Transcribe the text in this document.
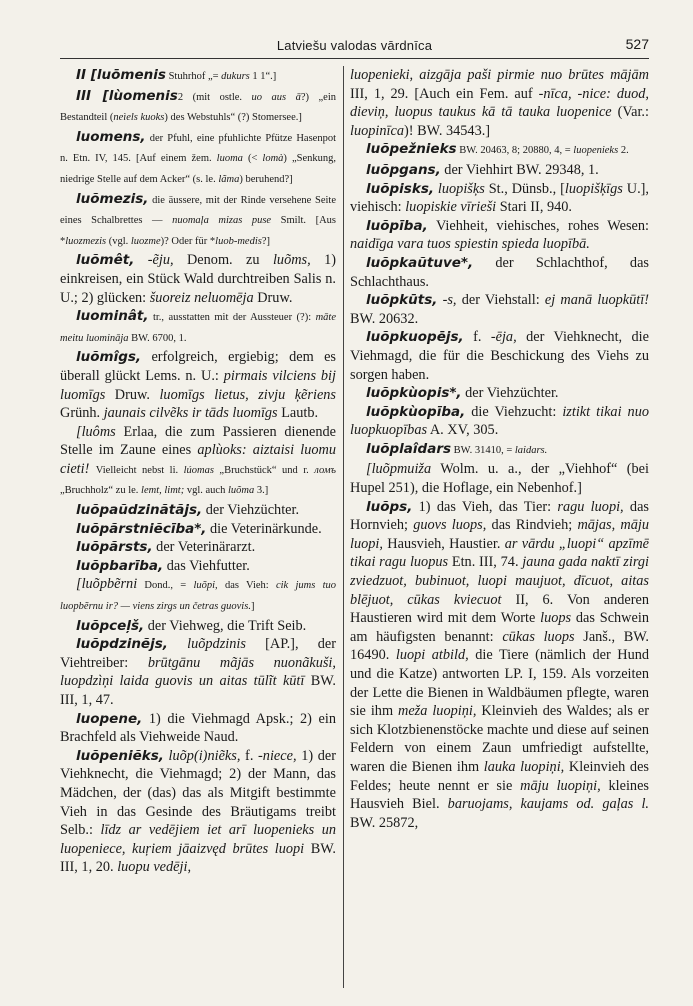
Latviešu valodas vārdnīca	527

II [luōmenis Stuhrhof „= dukurs 1 1“.]

III [lùomenis2 (mit ostle. uo aus ā?) „ein Bestandteil (neìels kuoks) des Webstuhls“ (?) Stomersee.]

luomens, der Pfuhl, eine pfuhlichte Pfütze Hasenpot n. Etn. IV, 145. [Auf einem žem. luoma (< lomà) „Senkung, niedrige Stelle auf dem Acker“ (s. le. lãma) beruhend?]

luõmezis, die äussere, mit der Rinde versehene Seite eines Schalbrettes — nuomaļa mizas puse Smilt. [Aus *luozmezis (vgl. luozme)? Oder für *luob-medis?]

luõmêt, -ẽju, Denom. zu luõms, 1) einkreisen, ein Stück Wald durchtreiben Salis n. U.; 2) glücken: šuoreiz neluomēja Druw.

luominât, tr., ausstatten mit der Aussteuer (?): māte meitu luomināja BW. 6700, 1.

luõmîgs, erfolgreich, ergiebig; dem es überall glückt Lems. n. U.: pirmais vilciens bij luomīgs Druw. luomīgs lietus, zivju ķẽriens Grünh. jaunais cilvẽks ir tāds luomīgs Lautb.

[luôms Erlaa, die zum Passieren dienende Stelle im Zaune eines aplùoks: aiztaisi luomu cieti! Vielleicht nebst li. lúomas „Bruchstück“ und r. ломъ „Bruchholz“ zu le. lemt, limt; vgl. auch luõma 3.]

luõpaũdzinãtãjs, der Viehzüchter.

luõpãrstniẽcība*, die Veterinärkunde.

luõpãrsts, der Veterinärarzt.

luõpbarība, das Viehfutter.

[luõpbẽrni Dond., = luõpi, das Vieh: cik jums tuo luopbẽrnu ir? — viens zirgs un četras guovis.]

luõpceļš, der Viehweg, die Trift Seib.

luõpdzinẽjs, luõpdzinis [AP.], der Viehtreiber: brūtgānu mãjās nuonãkuši, luopdzìņi laida guovis un aitas tūlĩt kūtī BW. III, 1, 47.

luopene, 1) die Viehmagd Apsk.; 2) ein Brachfeld als Viehweide Naud.

luõpeniẽks, luõp(i)niẽks, f. -niece, 1) der Viehknecht, die Viehmagd; 2) der Mann, das Mädchen, der (das) das als Mitgift bestimmte Vieh in das Gesinde des Bräutigams treibt Selb.: līdz ar vedējiem iet arī luopenieks un luopeniece, kuŗiem jāaizvęd brūtes luopi BW. III, 1, 20. luopu vedēji,

luopenieki, aizgāja paši pirmie nuo brūtes mājām III, 1, 29. [Auch ein Fem. auf -nīca, -nice: duod, dieviņ, luopus taukus kā tā tauka luopenice (Var.: luopinīca)! BW. 34543.]

luõpežnieks BW. 20463, 8; 20880, 4, = luopenieks 2.

luõpgans, der Viehhirt BW. 29348, 1.

luõpisks, luopišķs St., Dünsb., [luopišķīgs U.], viehisch: luopiskie vīrieši Stari II, 940.

luõpība, Viehheit, viehisches, rohes Wesen: naidīga vara tuos spiestin spieda luopībā.

luõpkaũtuve*, der Schlachthof, das Schlachthaus.

luõpkūts, -s, der Viehstall: ej manā luopkūtī! BW. 20632.

luõpkuopējs, f. -ēja, der Viehknecht, die Viehmagd, die für die Beschickung des Viehs zu sorgen haben.

luõpkùopis*, der Viehzüchter.

luõpkùopība, die Viehzucht: iztikt tikai nuo luopkuopības A. XV, 305.

luõplaîdars BW. 31410, = laidars.

[luõpmuiža Wolm. u. a., der „Viehhof“ (bei Hupel 251), die Hoflage, ein Nebenhof.]

luõps, 1) das Vieh, das Tier: ragu luopi, das Hornvieh; guovs luops, das Rindvieh; mājas, māju luopi, Hausvieh, Haustier. ar vārdu „luopi“ apzīmē tikai ragu luopus Etn. III, 74. jauna gada naktī zirgi zviedzuot, bubinuot, luopi maujuot, dīcuot, aitas blējuot, cūkas kviecuot II, 6. Von anderen Haustieren wird mit dem Worte luops das Schwein am häufigsten benannt: cūkas luops Janš., BW. 16490. luopi atbild, die Tiere (nämlich der Hund und die Katze) antworten LP. I, 159. Als vorzeiten der Lette die Bienen in Waldbäumen pflegte, waren sie ihm meža luopiņi, Kleinvieh des Waldes; als er sich Klotzbienenstöcke machte und diese auf seinen Feldern von einem Zaun umfriedigt aufstellte, waren die Bienen ihm lauka luopiņi, Kleinvieh des Feldes; heute nennt er sie māju luopiņi, kleines Hausvieh Biel. baruojams, kaujams od. gaļas l. BW. 25872,
